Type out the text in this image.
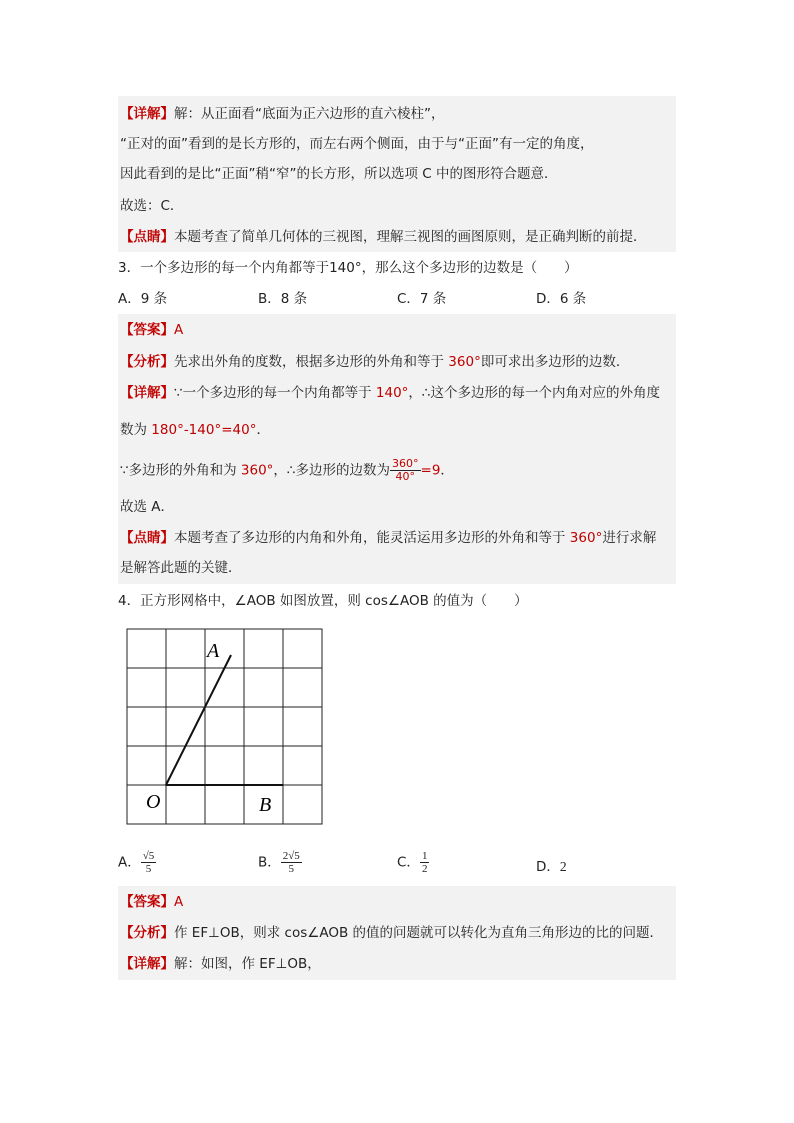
【详解】解：从正面看“底面为正六边形的直六棱柱”，
“正对的面”看到的是长方形的，而左右两个侧面，由于与“正面”有一定的角度，
因此看到的是比“正面”稍“窄”的长方形，所以选项 C 中的图形符合题意．
故选：C．
【点睛】本题考查了简单几何体的三视图，理解三视图的画图原则，是正确判断的前提．
3．一个多边形的每一个内角都等于140°，那么这个多边形的边数是（　　）
A．9 条	B．8 条	C．7 条	D．6 条
【答案】A
【分析】先求出外角的度数，根据多边形的外角和等于 360°即可求出多边形的边数．
【详解】∵一个多边形的每一个内角都等于 140°，∴这个多边形的每一个内角对应的外角度
数为 180°-140°=40°．
∵多边形的外角和为 360°，∴多边形的边数为 $\frac{360^\circ}{40^\circ} =9$．
故选 A．
【点睛】本题考查了多边形的内角和外角，能灵活运用多边形的外角和等于 360°进行求解
是解答此题的关键．
4．正方形网格中，∠AOB 如图放置，则 cos∠AOB 的值为（　　）
A
O	B
A． $\frac{√5}{5}$	B． $\frac{2√5}{5}$	C． $\frac{1}{2}$	D．2
【答案】A
【分析】作 EF⊥OB，则求 cos∠AOB 的值的问题就可以转化为直角三角形边的比的问题．
【详解】解：如图，作 EF⊥OB，
